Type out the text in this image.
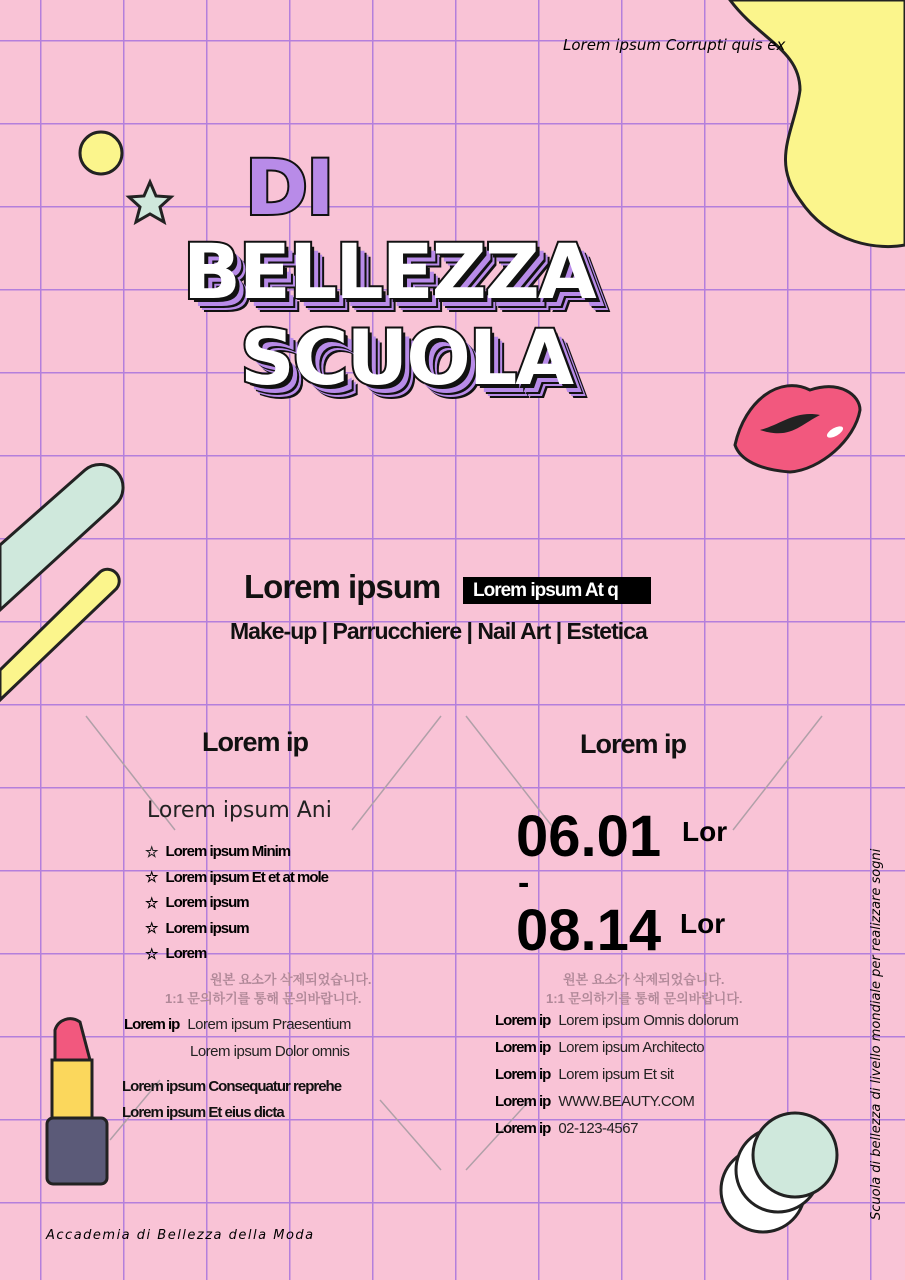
Lorem ipsum Corrupti quis ex
DI
BELLEZZA
SCUOLA
Lorem ipsum	Lorem ipsum At q
Make-up | Parrucchiere | Nail Art | Estetica
Lorem ip
Lorem ipsum Ani
☆ Lorem ipsum Minim
☆ Lorem ipsum Et et at mole
☆ Lorem ipsum
☆ Lorem ipsum
☆ Lorem
원본 요소가 삭제되었습니다.
1:1 문의하기를 통해 문의바랍니다.
Lorem ip Lorem ipsum Praesentium
Lorem ipsum Dolor omnis
Lorem ipsum Consequatur reprehe
Lorem ipsum Et eius dicta
Lorem ip
06.01 Lor
-
08.14 Lor
원본 요소가 삭제되었습니다.
1:1 문의하기를 통해 문의바랍니다.
Lorem ip Lorem ipsum Omnis dolorum
Lorem ip Lorem ipsum Architecto
Lorem ip Lorem ipsum Et sit
Lorem ip WWW.BEAUTY.COM
Lorem ip 02-123-4567	Scuola di bellezza di livello mondiale per realizzare sogni
Accademia di Bellezza della Moda
